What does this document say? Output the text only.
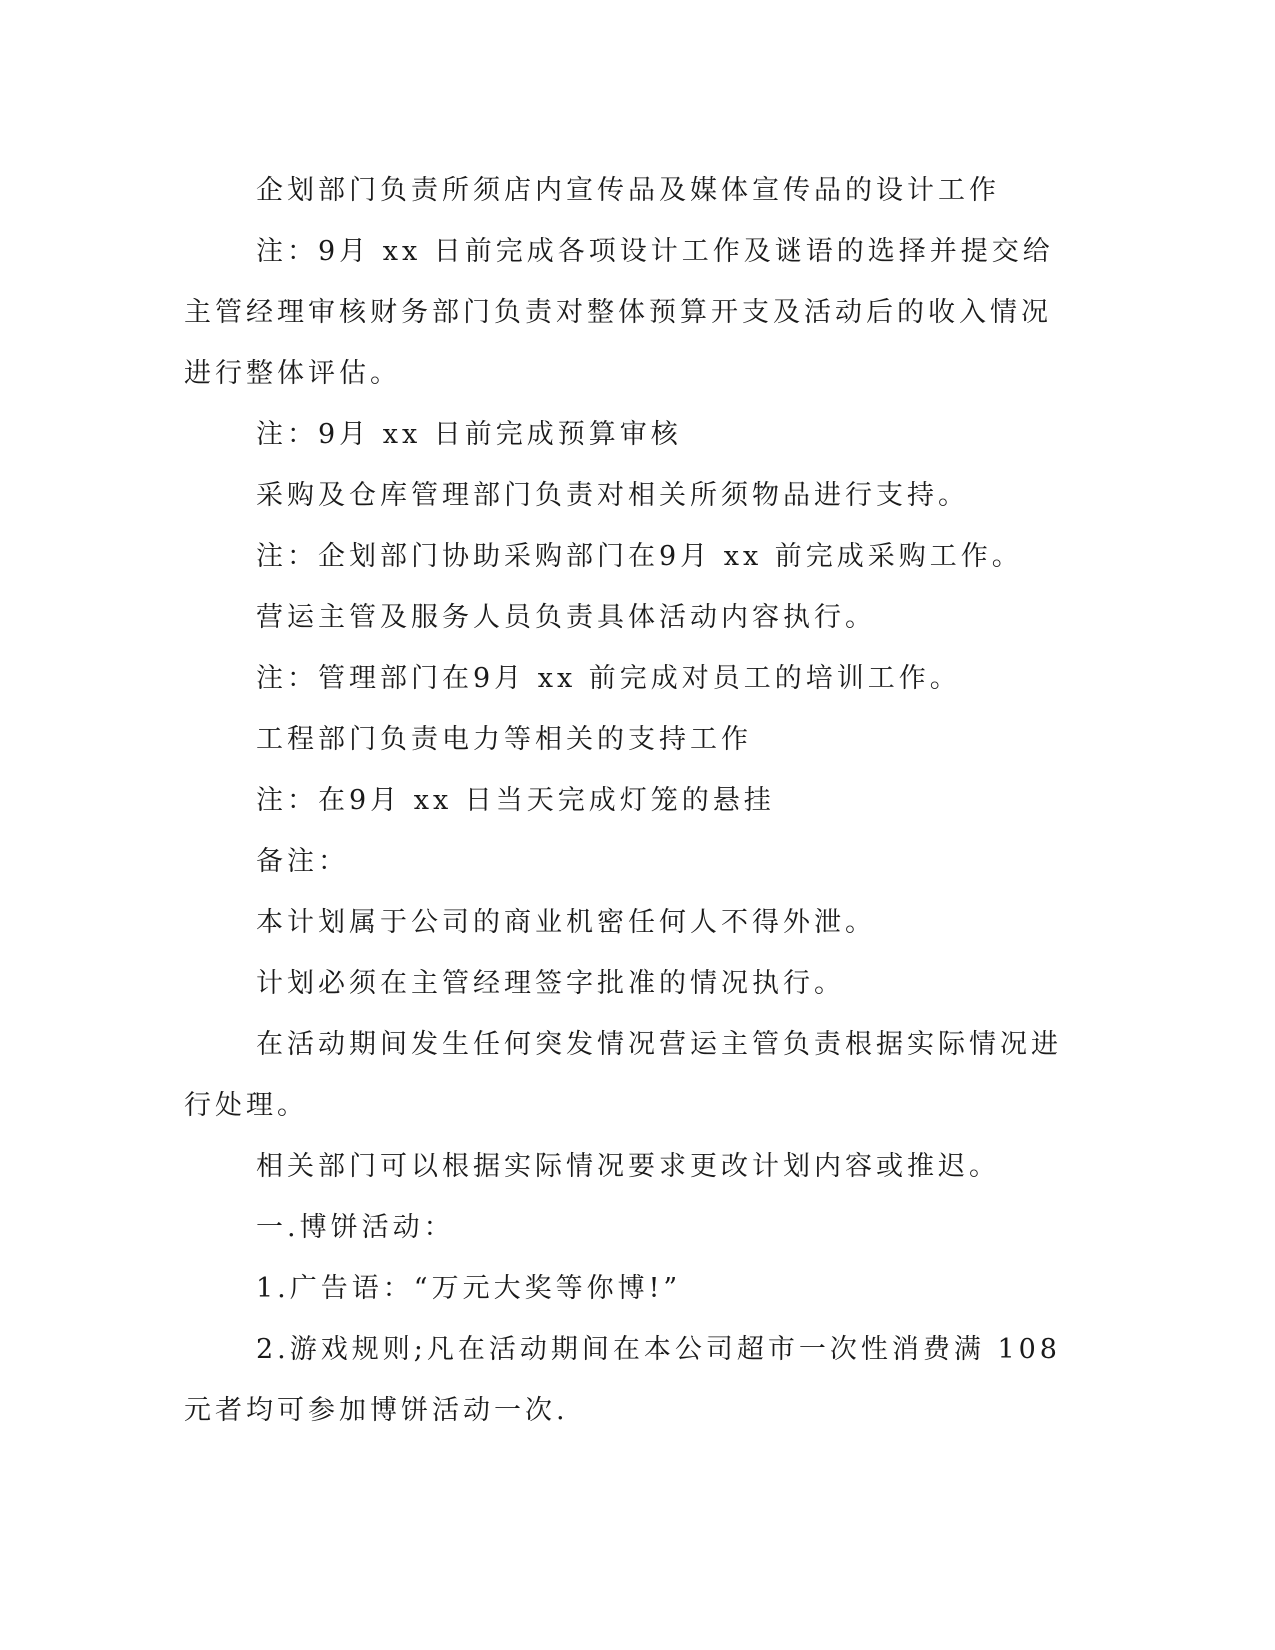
企划部门负责所须店内宣传品及媒体宣传品的设计工作

注：9月 xx 日前完成各项设计工作及谜语的选择并提交给主管经理审核财务部门负责对整体预算开支及活动后的收入情况进行整体评估。

注：9月 xx 日前完成预算审核

采购及仓库管理部门负责对相关所须物品进行支持。

注：企划部门协助采购部门在9月 xx 前完成采购工作。

营运主管及服务人员负责具体活动内容执行。

注：管理部门在9月 xx 前完成对员工的培训工作。

工程部门负责电力等相关的支持工作

注：在9月 xx 日当天完成灯笼的悬挂

备注：

本计划属于公司的商业机密任何人不得外泄。

计划必须在主管经理签字批准的情况执行。

在活动期间发生任何突发情况营运主管负责根据实际情况进行处理。

相关部门可以根据实际情况要求更改计划内容或推迟。

一.博饼活动：

1.广告语：“万元大奖等你博!”

2.游戏规则;凡在活动期间在本公司超市一次性消费满 108 元者均可参加博饼活动一次.
